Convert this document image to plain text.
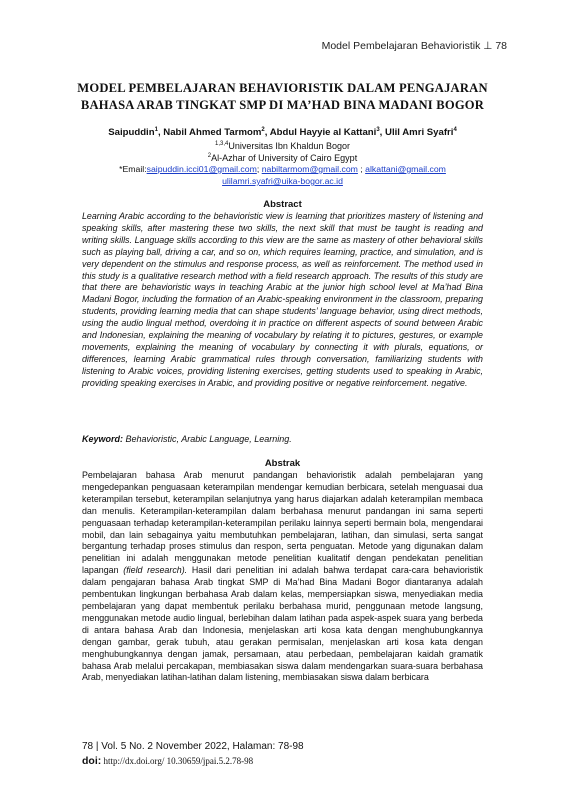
Model Pembelajaran Behavioristik ⊥ 78
MODEL PEMBELAJARAN BEHAVIORISTIK DALAM PENGAJARAN
BAHASA ARAB TINGKAT SMP DI MA’HAD BINA MADANI BOGOR
Saipuddin$^1$, Nabil Ahmed Tarmom$^2$, Abdul Hayyie al Kattani$^3$, Ulil Amri Syafri$^4$
$^{1,3,4}$Universitas Ibn Khaldun Bogor
$^2$Al-Azhar of University of Cairo Egypt
*Email:saipuddin.icci01@gmail.com; nabiltarmom@gmail.com ; alkattani@gmail.com
ulilamri.syafri@uika-bogor.ac.id
Abstract
Learning Arabic according to the behavioristic view is learning that prioritizes mastery of listening and speaking skills, after mastering these two skills, the next skill that must be taught is reading and writing skills. Language skills according to this view are the same as mastery of other behavioral skills such as playing ball, driving a car, and so on, which requires learning, practice, and simulation, and is very dependent on the stimulus and response process, as well as reinforcement. The method used in this study is a qualitative research method with a field research approach. The results of this study are that there are behavioristic ways in teaching Arabic at the junior high school level at Ma’had Bina Madani Bogor, including the formation of an Arabic-speaking environment in the classroom, preparing students, providing learning media that can shape students’ language behavior, using direct methods, using the audio lingual method, overdoing it in practice on different aspects of sound between Arabic and Indonesian, explaining the meaning of vocabulary by relating it to pictures, gestures, or example movements, explaining the meaning of vocabulary by connecting it with plurals, equations, or differences, learning Arabic grammatical rules through conversation, familiarizing students with listening to Arabic voices, providing listening exercises, getting students used to speaking in Arabic, providing speaking exercises in Arabic, and providing positive or negative reinforcement. negative.
Keyword: Behavioristic, Arabic Language, Learning.
Abstrak
Pembelajaran bahasa Arab menurut pandangan behavioristik adalah pembelajaran yang mengedepankan penguasaan keterampilan mendengar kemudian berbicara, setelah menguasai dua keterampilan tersebut, keterampilan selanjutnya yang harus diajarkan adalah keterampilan membaca dan menulis. Keterampilan-keterampilan dalam berbahasa menurut pandangan ini sama seperti penguasaan terhadap keterampilan-keterampilan perilaku lainnya seperti bermain bola, mengendarai mobil, dan lain sebagainya yaitu membutuhkan pembelajaran, latihan, dan simulasi, serta sangat bergantung terhadap proses stimulus dan respon, serta penguatan. Metode yang digunakan dalam penelitian ini adalah menggunakan metode penelitian kualitatif dengan pendekatan penelitian lapangan (field research). Hasil dari penelitian ini adalah bahwa terdapat cara-cara behavioristik dalam pengajaran bahasa Arab tingkat SMP di Ma’had Bina Madani Bogor diantaranya adalah pembentukan lingkungan berbahasa Arab dalam kelas, mempersiapkan siswa, menyediakan media pembelajaran yang dapat membentuk perilaku berbahasa murid, penggunaan metode langsung, menggunakan metode audio lingual, berlebihan dalam latihan pada aspek-aspek suara yang berbeda di antara bahasa Arab dan Indonesia, menjelaskan arti kosa kata dengan menghubungkannya dengan gambar, gerak tubuh, atau gerakan permisalan, menjelaskan arti kosa kata dengan menghubungkannya dengan jamak, persamaan, atau perbedaan, pembelajaran kaidah gramatik bahasa Arab melalui percakapan, membiasakan siswa dalam mendengarkan suara-suara berbahasa Arab, menyediakan latihan-latihan dalam listening, membiasakan siswa dalam berbicara
78 | Vol. 5 No. 2 November 2022, Halaman: 78-98
doi: http://dx.doi.org/ 10.30659/jpai.5.2.78-98
